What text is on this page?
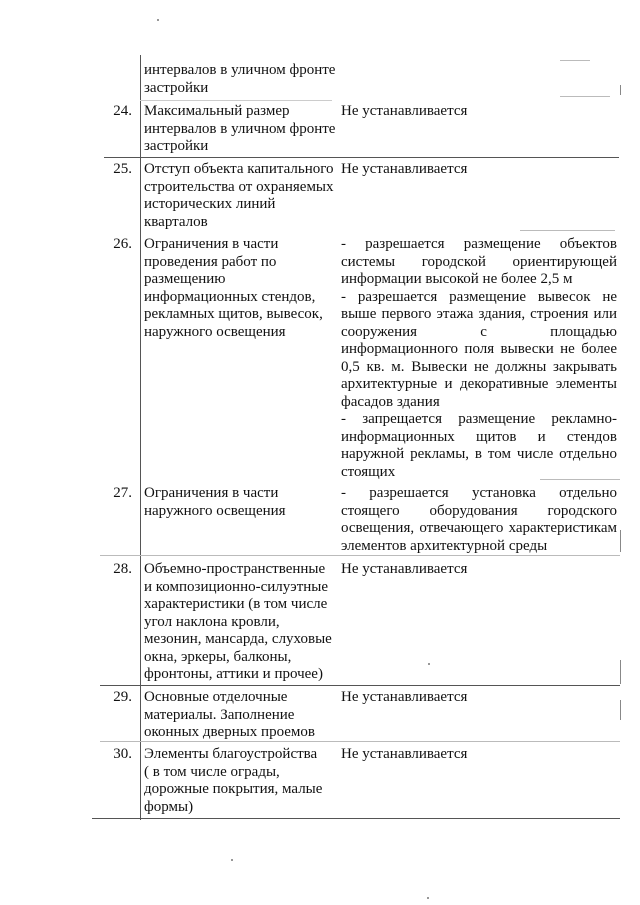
интервалов в уличном фронте
застройки
24. Максимальный размер
интервалов в уличном фронте
застройки
Не устанавливается
25. Отступ объекта капитального
строительства от охраняемых
исторических линий
кварталов
Не устанавливается
26. Ограничения в части
проведения работ по
размещению
информационных стендов,
рекламных щитов, вывесок,
наружного освещения
- разрешается размещение объектов
системы городской ориентирующей
информации высокой не более 2,5 м
- разрешается размещение вывесок не
выше первого этажа здания, строения или
сооружения с площадью
информационного поля вывески не более
0,5 кв. м. Вывески не должны закрывать
архитектурные и декоративные элементы
фасадов здания
- запрещается размещение рекламно-
информационных щитов и стендов
наружной рекламы, в том числе отдельно
стоящих
27. Ограничения в части
наружного освещения
- разрешается установка отдельно
стоящего оборудования городского
освещения, отвечающего характеристикам
элементов архитектурной среды
28. Объемно-пространственные
и композиционно-силуэтные
характеристики (в том числе
угол наклона кровли,
мезонин, мансарда, слуховые
окна, эркеры, балконы,
фронтоны, аттики и прочее)
Не устанавливается
29. Основные отделочные
материалы. Заполнение
оконных дверных проемов
Не устанавливается
30. Элементы благоустройства
( в том числе ограды,
дорожные покрытия, малые
формы)
Не устанавливается
